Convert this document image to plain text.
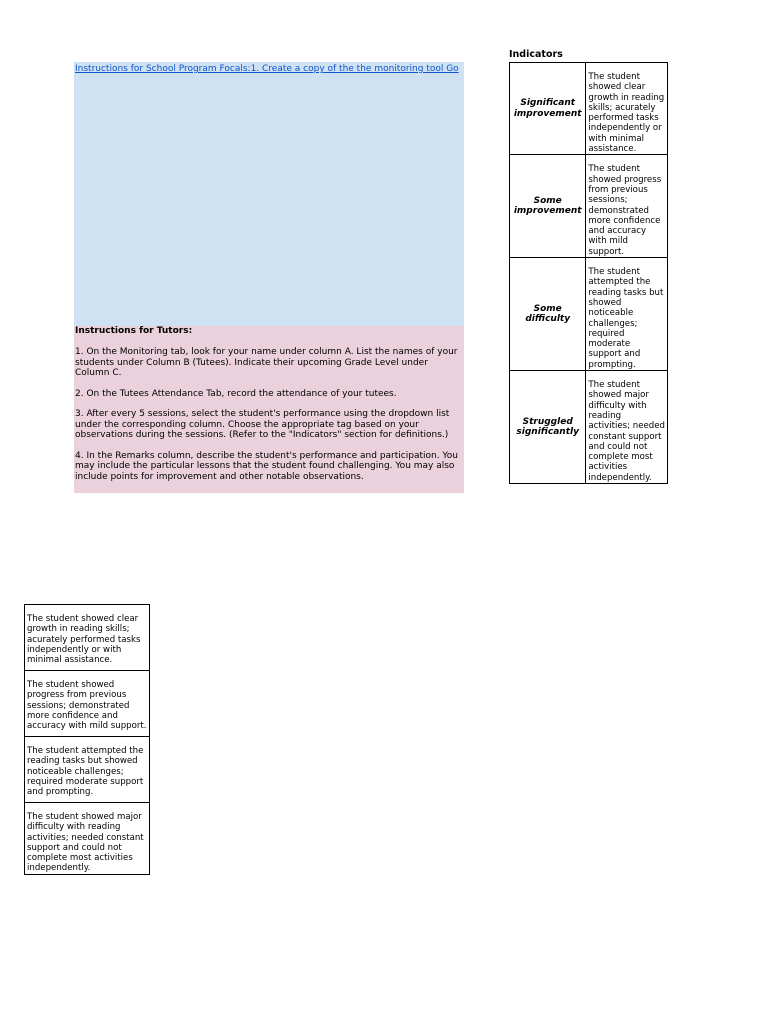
Instructions for School Program Focals:1. Create a copy of the the monitoring tool Go

Instructions for Tutors:

1. On the Monitoring tab, look for your name under column A. List the names of your students under Column B (Tutees). Indicate their upcoming Grade Level under Column C.

2. On the Tutees Attendance Tab, record the attendance of your tutees.

3. After every 5 sessions, select the student's performance using the dropdown list under the corresponding column. Choose the appropriate tag based on your observations during the sessions. (Refer to the "Indicators" section for definitions.)

4. In the Remarks column, describe the student's performance and participation. You may include the particular lessons that the student found challenging. You may also include points for improvement and other notable observations.

Indicators
Significant improvement	The student showed clear growth in reading skills; acurately performed tasks independently or with minimal assistance.

Some improvement	The student showed progress from previous sessions; demonstrated more confidence and accuracy with mild support.

Some difficulty	The student attempted the reading tasks but showed noticeable challenges; required moderate support and prompting.

Struggled significantly	The student showed major difficulty with reading activities; needed constant support and could not complete most activities independently.
The student showed clear growth in reading skills; acurately performed tasks independently or with minimal assistance.

The student showed progress from previous sessions; demonstrated more confidence and accuracy with mild support.

The student attempted the reading tasks but showed noticeable challenges; required moderate support and prompting.

The student showed major difficulty with reading activities; needed constant support and could not complete most activities independently.
